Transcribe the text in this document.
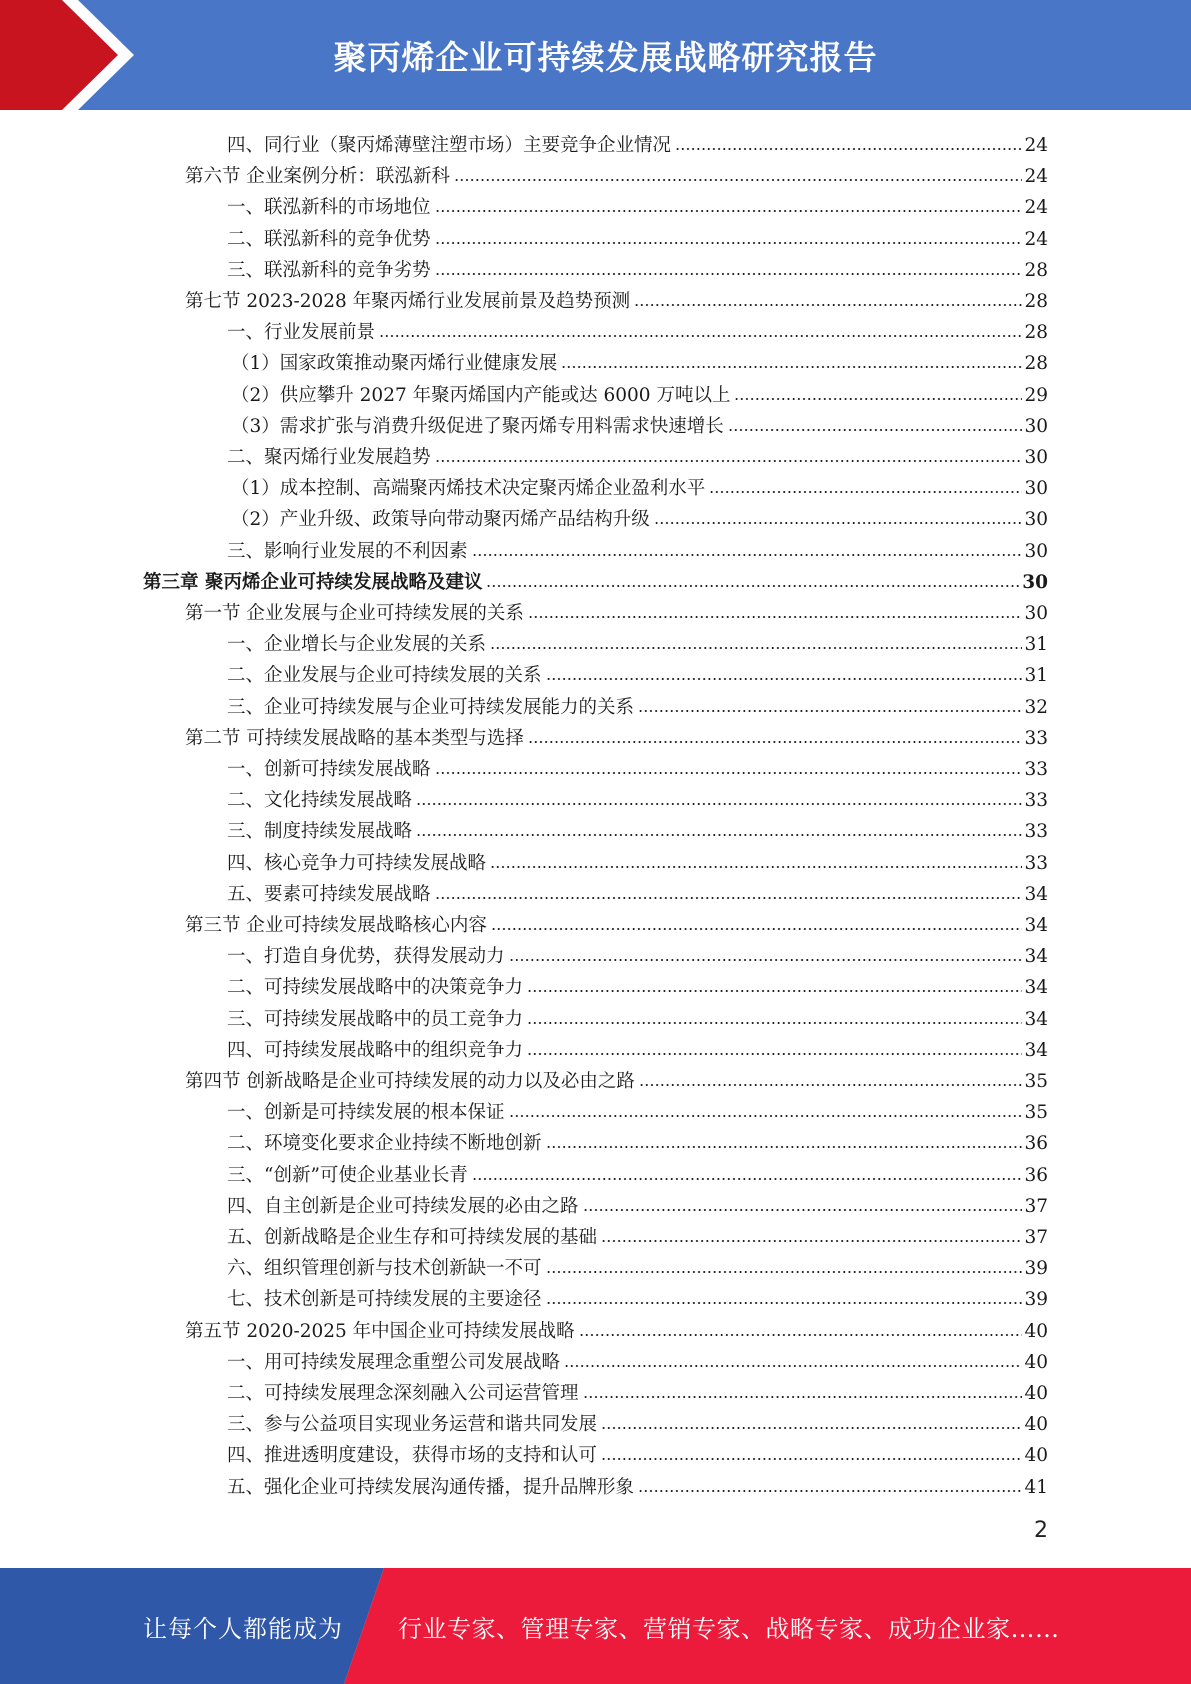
聚丙烯企业可持续发展战略研究报告
四、同行业（聚丙烯薄壁注塑市场）主要竞争企业情况	24
第六节 企业案例分析：联泓新科	24
一、联泓新科的市场地位	24
二、联泓新科的竞争优势	24
三、联泓新科的竞争劣势	28
第七节 2023-2028 年聚丙烯行业发展前景及趋势预测	28
一、行业发展前景	28
（1）国家政策推动聚丙烯行业健康发展	28
（2）供应攀升 2027 年聚丙烯国内产能或达 6000 万吨以上	29
（3）需求扩张与消费升级促进了聚丙烯专用料需求快速增长	30
二、聚丙烯行业发展趋势	30
（1）成本控制、高端聚丙烯技术决定聚丙烯企业盈利水平	30
（2）产业升级、政策导向带动聚丙烯产品结构升级	30
三、影响行业发展的不利因素	30
第三章 聚丙烯企业可持续发展战略及建议	30
第一节 企业发展与企业可持续发展的关系	30
一、企业增长与企业发展的关系	31
二、企业发展与企业可持续发展的关系	31
三、企业可持续发展与企业可持续发展能力的关系	32
第二节 可持续发展战略的基本类型与选择	33
一、创新可持续发展战略	33
二、文化持续发展战略	33
三、制度持续发展战略	33
四、核心竞争力可持续发展战略	33
五、要素可持续发展战略	34
第三节 企业可持续发展战略核心内容	34
一、打造自身优势，获得发展动力	34
二、可持续发展战略中的决策竞争力	34
三、可持续发展战略中的员工竞争力	34
四、可持续发展战略中的组织竞争力	34
第四节 创新战略是企业可持续发展的动力以及必由之路	35
一、创新是可持续发展的根本保证	35
二、环境变化要求企业持续不断地创新	36
三、“创新”可使企业基业长青	36
四、自主创新是企业可持续发展的必由之路	37
五、创新战略是企业生存和可持续发展的基础	37
六、组织管理创新与技术创新缺一不可	39
七、技术创新是可持续发展的主要途径	39
第五节 2020-2025 年中国企业可持续发展战略	40
一、用可持续发展理念重塑公司发展战略	40
二、可持续发展理念深刻融入公司运营管理	40
三、参与公益项目实现业务运营和谐共同发展	40
四、推进透明度建设，获得市场的支持和认可	40
五、强化企业可持续发展沟通传播，提升品牌形象	41
2
让每个人都能成为 行业专家、管理专家、营销专家、战略专家、成功企业家……
